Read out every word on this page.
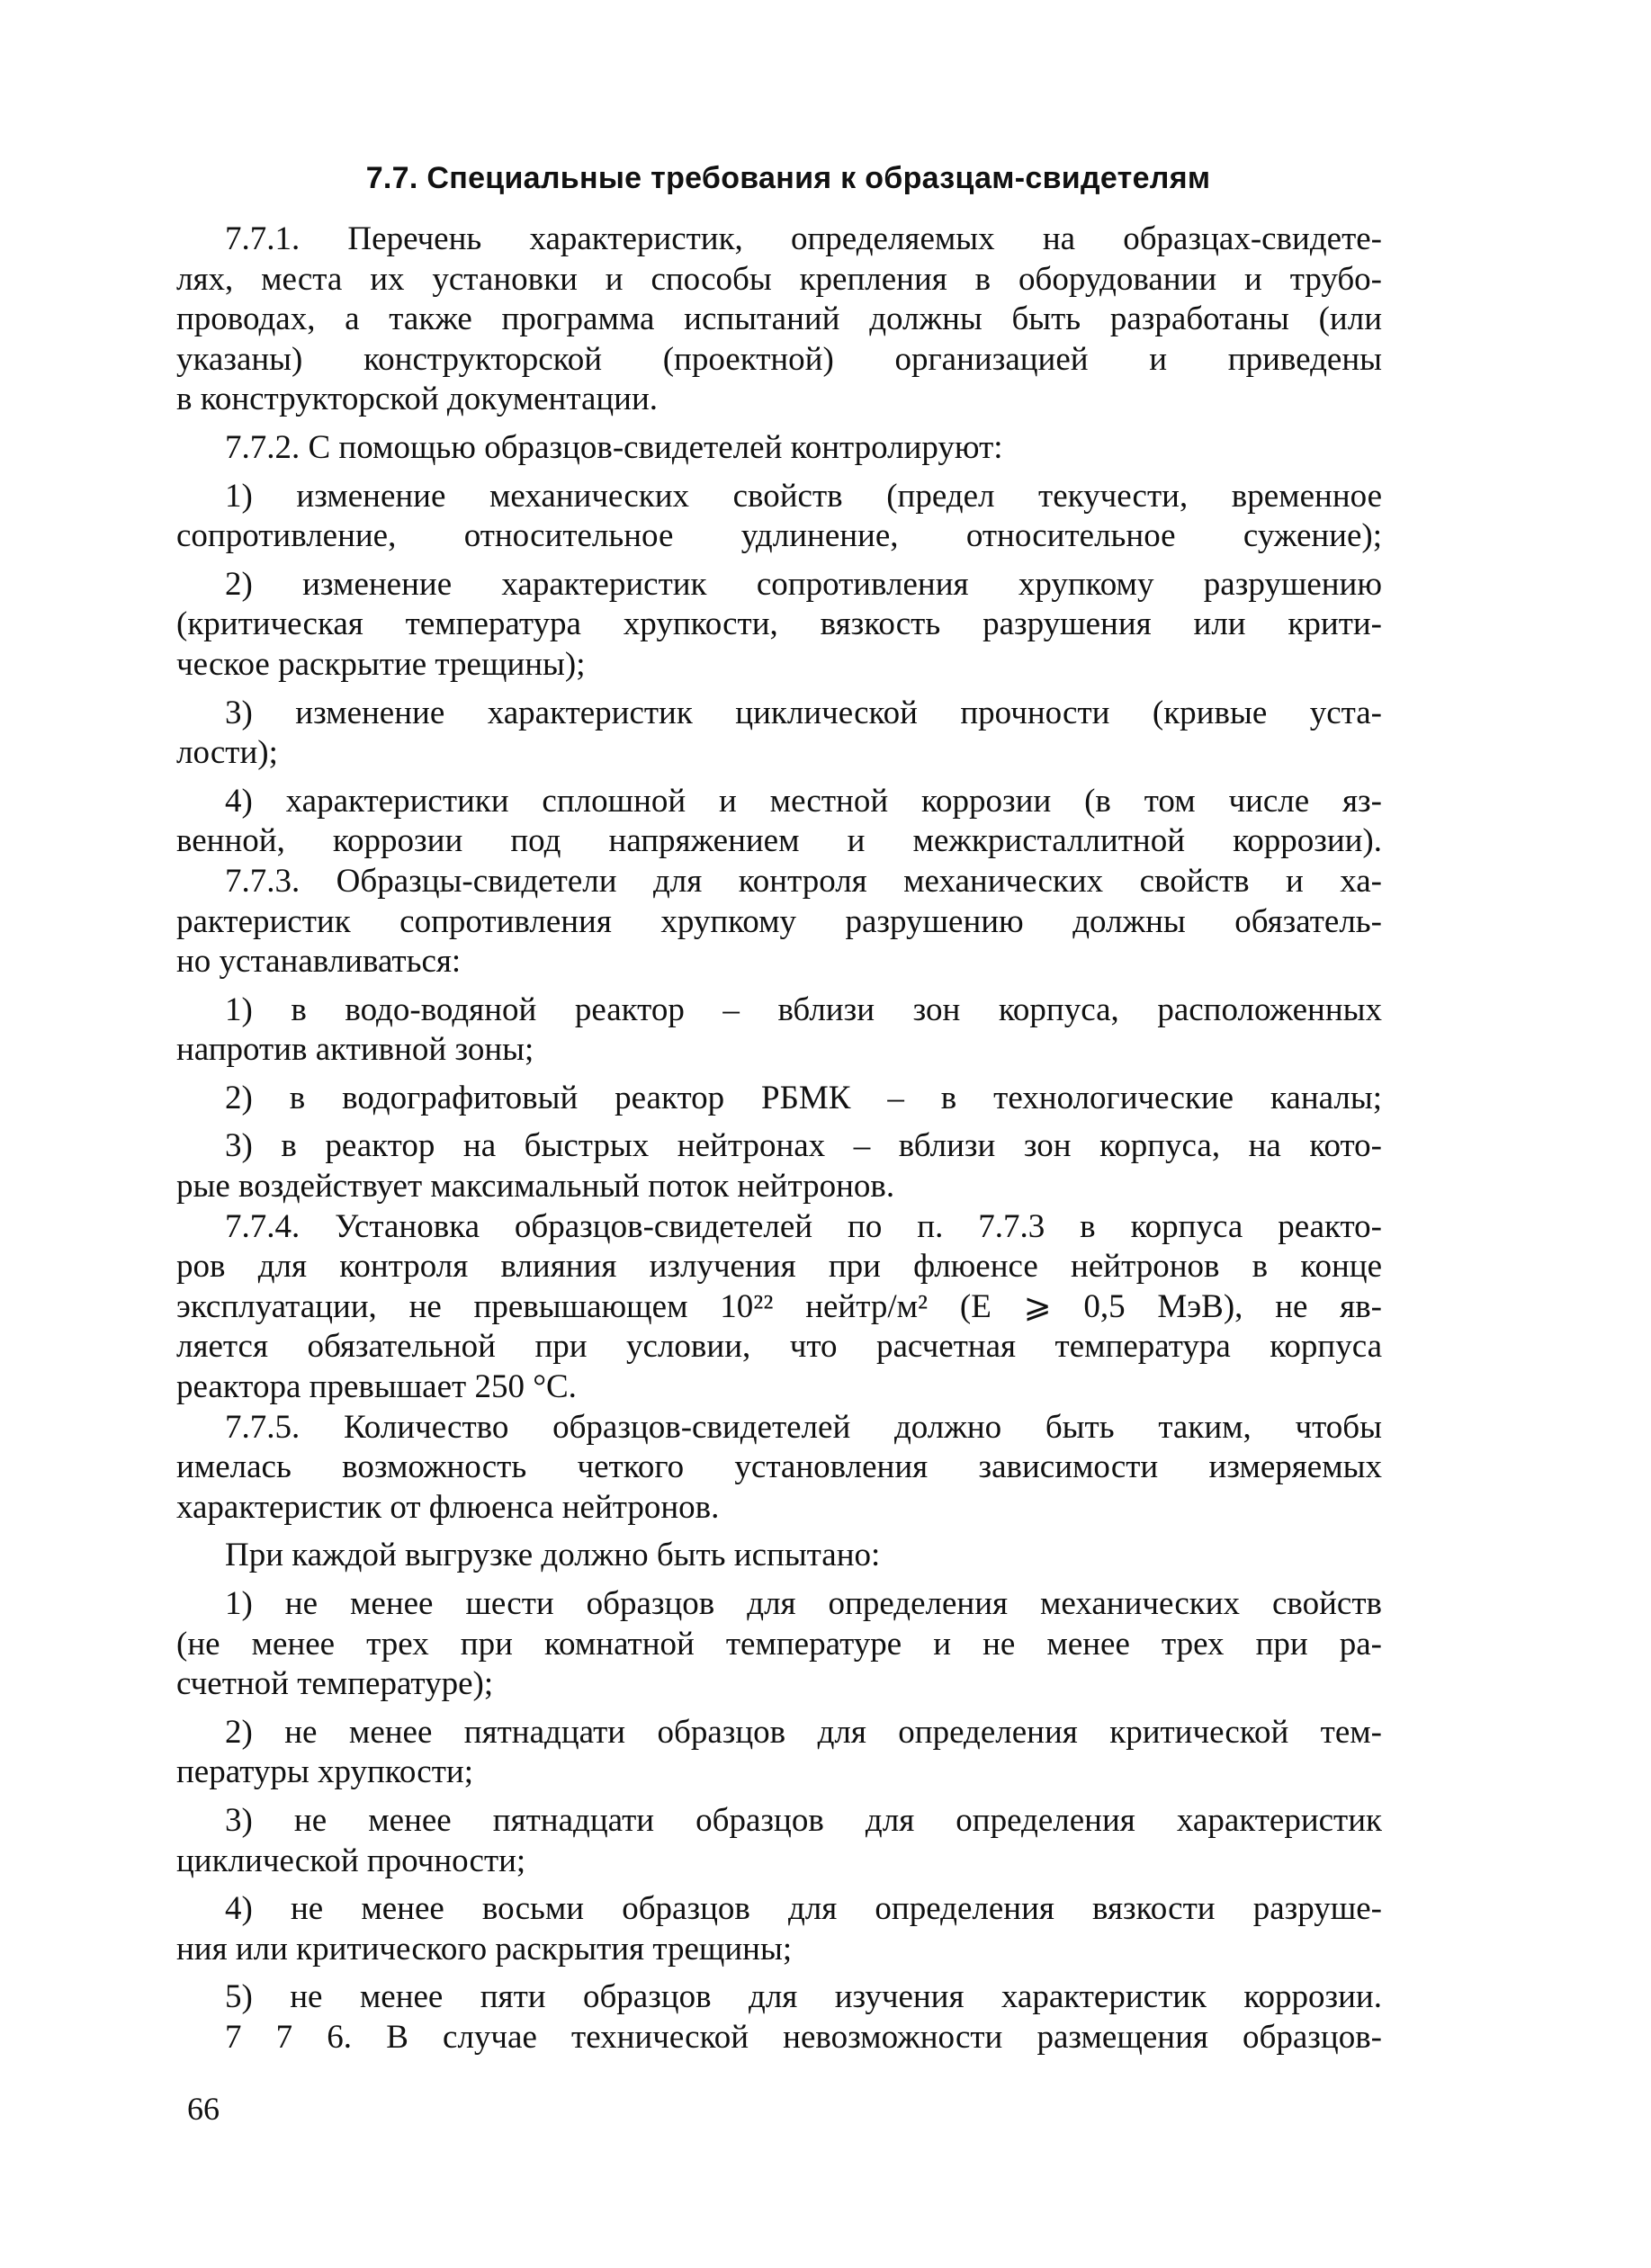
7.7. Специальные требования к образцам-свидетелям
7.7.1. Перечень характеристик, определяемых на образцах-свидете-
лях, места их установки и способы крепления в оборудовании и трубо-
проводах, а также программа испытаний должны быть разработаны (или
указаны) конструкторской (проектной) организацией и приведены
в конструкторской документации.
7.7.2. С помощью образцов-свидетелей контролируют:
1) изменение механических свойств (предел текучести, временное
сопротивление, относительное удлинение, относительное сужение);
2) изменение характеристик сопротивления хрупкому разрушению
(критическая температура хрупкости, вязкость разрушения или крити-
ческое раскрытие трещины);
3) изменение характеристик циклической прочности (кривые уста-
лости);
4) характеристики сплошной и местной коррозии (в том числе яз-
венной, коррозии под напряжением и межкристаллитной коррозии).
7.7.3. Образцы-свидетели для контроля механических свойств и ха-
рактеристик сопротивления хрупкому разрушению должны обязатель-
но устанавливаться:
1) в водо-водяной реактор – вблизи зон корпуса, расположенных
напротив активной зоны;
2) в водографитовый реактор РБМК – в технологические каналы;
3) в реактор на быстрых нейтронах – вблизи зон корпуса, на кото-
рые воздействует максимальный поток нейтронов.
7.7.4. Установка образцов-свидетелей по п. 7.7.3 в корпуса реакто-
ров для контроля влияния излучения при флюенсе нейтронов в конце
эксплуатации, не превышающем 10²² нейтр/м² (E ⩾ 0,5 МэВ), не яв-
ляется обязательной при условии, что расчетная температура корпуса
реактора превышает 250 °С.
7.7.5. Количество образцов-свидетелей должно быть таким, чтобы
имелась возможность четкого установления зависимости измеряемых
характеристик от флюенса нейтронов.
При каждой выгрузке должно быть испытано:
1) не менее шести образцов для определения механических свойств
(не менее трех при комнатной температуре и не менее трех при ра-
счетной температуре);
2) не менее пятнадцати образцов для определения критической тем-
пературы хрупкости;
3) не менее пятнадцати образцов для определения характеристик
циклической прочности;
4) не менее восьми образцов для определения вязкости разруше-
ния или критического раскрытия трещины;
5) не менее пяти образцов для изучения характеристик коррозии.
7 7 6. В случае технической невозможности размещения образцов-
66
